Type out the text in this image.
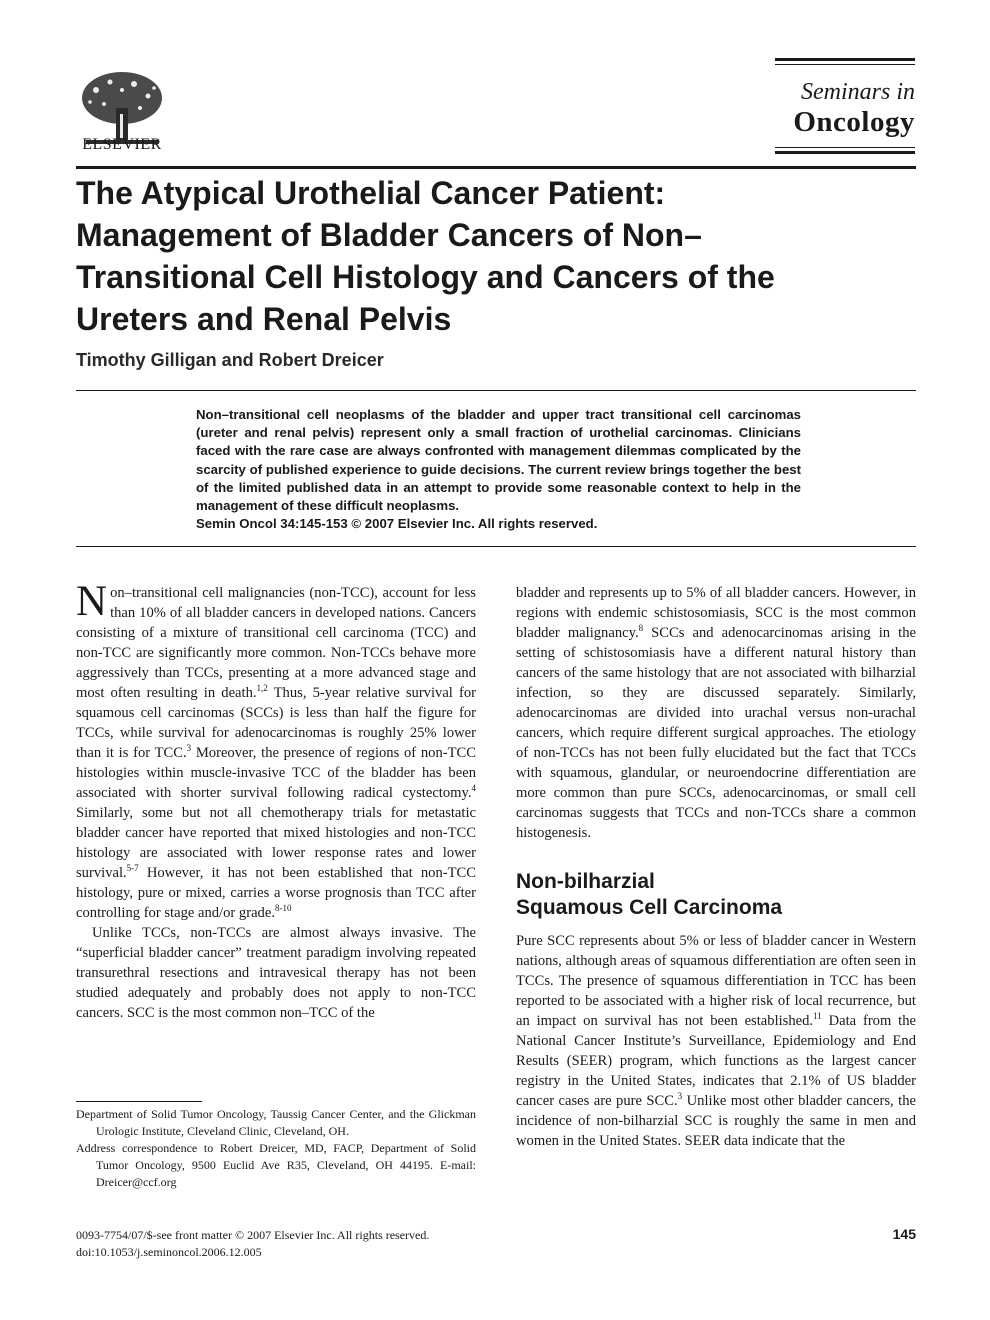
ELSEVIER
Seminars in
Oncology
The Atypical Urothelial Cancer Patient: Management of Bladder Cancers of Non–Transitional Cell Histology and Cancers of the Ureters and Renal Pelvis
Timothy Gilligan and Robert Dreicer

Non–transitional cell neoplasms of the bladder and upper tract transitional cell carcinomas (ureter and renal pelvis) represent only a small fraction of urothelial carcinomas. Clinicians faced with the rare case are always confronted with management dilemmas complicated by the scarcity of published experience to guide decisions. The current review brings together the best of the limited published data in an attempt to provide some reasonable context to help in the management of these difficult neoplasms.
Semin Oncol 34:145-153 © 2007 Elsevier Inc. All rights reserved.

Non–transitional cell malignancies (non-TCC), account for less than 10% of all bladder cancers in developed nations. Cancers consisting of a mixture of transitional cell carcinoma (TCC) and non-TCC are significantly more common. Non-TCCs behave more aggressively than TCCs, presenting at a more advanced stage and most often resulting in death.$^{1,2}$ Thus, 5-year relative survival for squamous cell carcinomas (SCCs) is less than half the figure for TCCs, while survival for adenocarcinomas is roughly 25% lower than it is for TCC.$^3$ Moreover, the presence of regions of non-TCC histologies within muscle-invasive TCC of the bladder has been associated with shorter survival following radical cystectomy.$^4$ Similarly, some but not all chemotherapy trials for metastatic bladder cancer have reported that mixed histologies and non-TCC histology are associated with lower response rates and lower survival.$^{5-7}$ However, it has not been established that non-TCC histology, pure or mixed, carries a worse prognosis than TCC after controlling for stage and/or grade.$^{8-10}$

Unlike TCCs, non-TCCs are almost always invasive. The “superficial bladder cancer” treatment paradigm involving repeated transurethral resections and intravesical therapy has not been studied adequately and probably does not apply to non-TCC cancers. SCC is the most common non–TCC of the

bladder and represents up to 5% of all bladder cancers. However, in regions with endemic schistosomiasis, SCC is the most common bladder malignancy.$^8$ SCCs and adenocarcinomas arising in the setting of schistosomiasis have a different natural history than cancers of the same histology that are not associated with bilharzial infection, so they are discussed separately. Similarly, adenocarcinomas are divided into urachal versus non-urachal cancers, which require different surgical approaches. The etiology of non-TCCs has not been fully elucidated but the fact that TCCs with squamous, glandular, or neuroendocrine differentiation are more common than pure SCCs, adenocarcinomas, or small cell carcinomas suggests that TCCs and non-TCCs share a common histogenesis.

Non-bilharzial
Squamous Cell Carcinoma

Pure SCC represents about 5% or less of bladder cancer in Western nations, although areas of squamous differentiation are often seen in TCCs. The presence of squamous differentiation in TCC has been reported to be associated with a higher risk of local recurrence, but an impact on survival has not been established.$^{11}$ Data from the National Cancer Institute’s Surveillance, Epidemiology and End Results (SEER) program, which functions as the largest cancer registry in the United States, indicates that 2.1% of US bladder cancer cases are pure SCC.$^3$ Unlike most other bladder cancers, the incidence of non-bilharzial SCC is roughly the same in men and women in the United States. SEER data indicate that the

Department of Solid Tumor Oncology, Taussig Cancer Center, and the Glickman Urologic Institute, Cleveland Clinic, Cleveland, OH.

Address correspondence to Robert Dreicer, MD, FACP, Department of Solid Tumor Oncology, 9500 Euclid Ave R35, Cleveland, OH 44195. E-mail: Dreicer@ccf.org

0093-7754/07/$-see front matter © 2007 Elsevier Inc. All rights reserved.
doi:10.1053/j.seminoncol.2006.12.005
145
